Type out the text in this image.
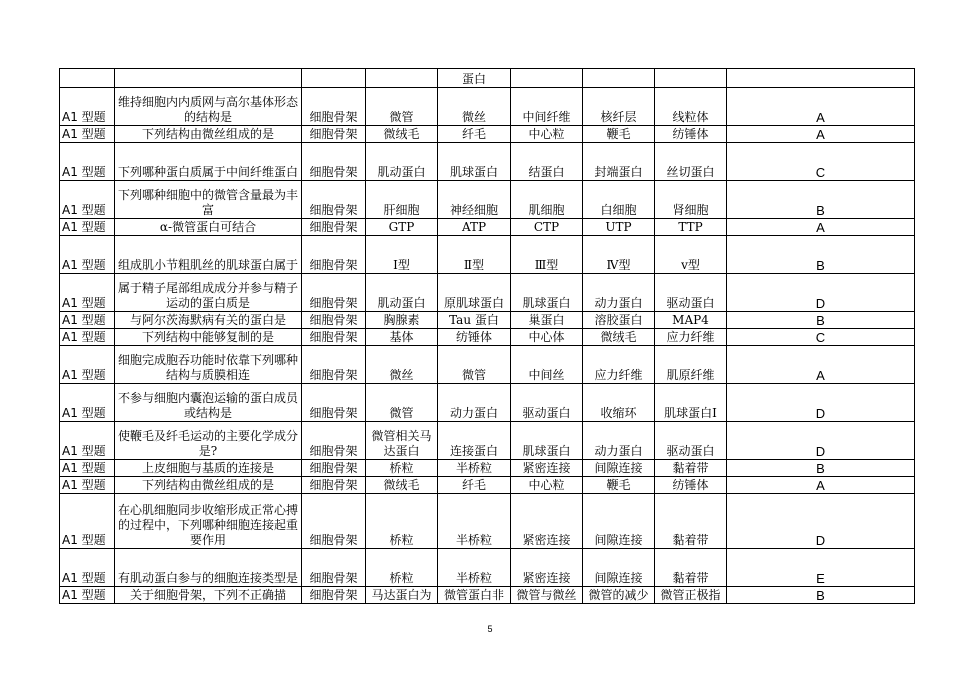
				蛋白				
A1 型题	维持细胞内内质网与高尔基体形态的结构是	细胞骨架	微管	微丝	中间纤维	核纤层	线粒体	A
A1 型题	下列结构由微丝组成的是	细胞骨架	微绒毛	纤毛	中心粒	鞭毛	纺锤体	A
A1 型题	下列哪种蛋白质属于中间纤维蛋白	细胞骨架	肌动蛋白	肌球蛋白	结蛋白	封端蛋白	丝切蛋白	C
A1 型题	下列哪种细胞中的微管含量最为丰富	细胞骨架	肝细胞	神经细胞	肌细胞	白细胞	肾细胞	B
A1 型题	α-微管蛋白可结合	细胞骨架	GTP	ATP	CTP	UTP	TTP	A
A1 型题	组成肌小节粗肌丝的肌球蛋白属于	细胞骨架	Ⅰ型	Ⅱ型	Ⅲ型	Ⅳ型	ⅴ型	B
A1 型题	属于精子尾部组成成分并参与精子运动的蛋白质是	细胞骨架	肌动蛋白	原肌球蛋白	肌球蛋白	动力蛋白	驱动蛋白	D
A1 型题	与阿尔茨海默病有关的蛋白是	细胞骨架	胸腺素	Tau 蛋白	巢蛋白	溶胶蛋白	MAP4	B
A1 型题	下列结构中能够复制的是	细胞骨架	基体	纺锤体	中心体	微绒毛	应力纤维	C
A1 型题	细胞完成胞吞功能时依靠下列哪种结构与质膜相连	细胞骨架	微丝	微管	中间丝	应力纤维	肌原纤维	A
A1 型题	不参与细胞内囊泡运输的蛋白成员或结构是	细胞骨架	微管	动力蛋白	驱动蛋白	收缩环	肌球蛋白Ⅰ	D
A1 型题	使鞭毛及纤毛运动的主要化学成分是?	细胞骨架	微管相关马达蛋白	连接蛋白	肌球蛋白	动力蛋白	驱动蛋白	D
A1 型题	上皮细胞与基质的连接是	细胞骨架	桥粒	半桥粒	紧密连接	间隙连接	黏着带	B
A1 型题	下列结构由微丝组成的是	细胞骨架	微绒毛	纤毛	中心粒	鞭毛	纺锤体	A
A1 型题	在心肌细胞同步收缩形成正常心搏的过程中，下列哪种细胞连接起重要作用	细胞骨架	桥粒	半桥粒	紧密连接	间隙连接	黏着带	D
A1 型题	有肌动蛋白参与的细胞连接类型是	细胞骨架	桥粒	半桥粒	紧密连接	间隙连接	黏着带	E
A1 型题	关于细胞骨架，下列不正确描	细胞骨架	马达蛋白为	微管蛋白非	微管与微丝	微管的减少	微管正极指	B
5
